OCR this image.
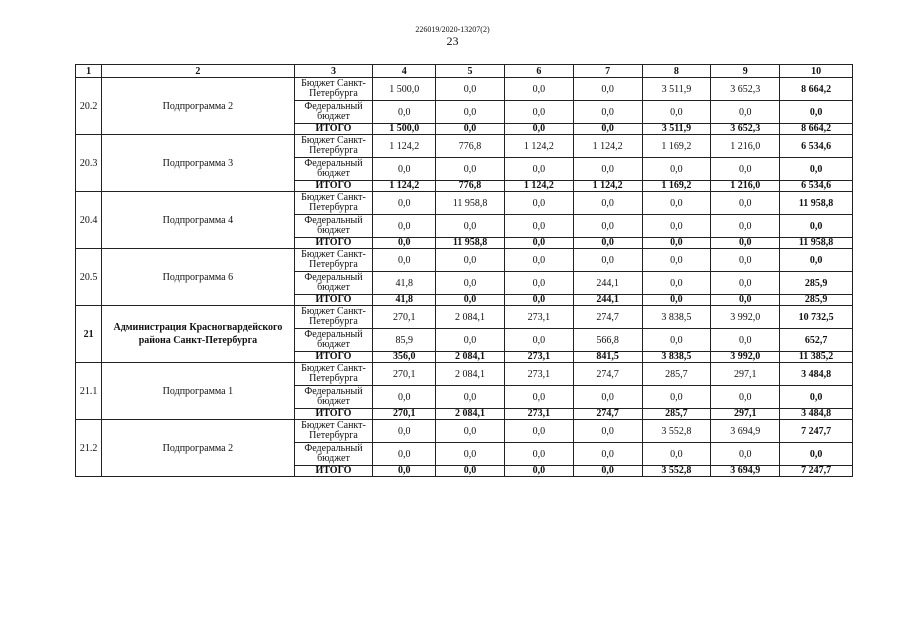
226019/2020-13207(2)
23
1	2	3	4	5	6	7	8	9	10
20.2	Подпрограмма 2	Бюджет Санкт-Петербурга	1 500,0	0,0	0,0	0,0	3 511,9	3 652,3	8 664,2
		Федеральный бюджет	0,0	0,0	0,0	0,0	0,0	0,0	0,0
		ИТОГО	1 500,0	0,0	0,0	0,0	3 511,9	3 652,3	8 664,2
20.3	Подпрограмма 3	Бюджет Санкт-Петербурга	1 124,2	776,8	1 124,2	1 124,2	1 169,2	1 216,0	6 534,6
		Федеральный бюджет	0,0	0,0	0,0	0,0	0,0	0,0	0,0
		ИТОГО	1 124,2	776,8	1 124,2	1 124,2	1 169,2	1 216,0	6 534,6
20.4	Подпрограмма 4	Бюджет Санкт-Петербурга	0,0	11 958,8	0,0	0,0	0,0	0,0	11 958,8
		Федеральный бюджет	0,0	0,0	0,0	0,0	0,0	0,0	0,0
		ИТОГО	0,0	11 958,8	0,0	0,0	0,0	0,0	11 958,8
20.5	Подпрограмма 6	Бюджет Санкт-Петербурга	0,0	0,0	0,0	0,0	0,0	0,0	0,0
		Федеральный бюджет	41,8	0,0	0,0	244,1	0,0	0,0	285,9
		ИТОГО	41,8	0,0	0,0	244,1	0,0	0,0	285,9
21	Администрация Красногвардейского района Санкт-Петербурга	Бюджет Санкт-Петербурга	270,1	2 084,1	273,1	274,7	3 838,5	3 992,0	10 732,5
		Федеральный бюджет	85,9	0,0	0,0	566,8	0,0	0,0	652,7
		ИТОГО	356,0	2 084,1	273,1	841,5	3 838,5	3 992,0	11 385,2
21.1	Подпрограмма 1	Бюджет Санкт-Петербурга	270,1	2 084,1	273,1	274,7	285,7	297,1	3 484,8
		Федеральный бюджет	0,0	0,0	0,0	0,0	0,0	0,0	0,0
		ИТОГО	270,1	2 084,1	273,1	274,7	285,7	297,1	3 484,8
21.2	Подпрограмма 2	Бюджет Санкт-Петербурга	0,0	0,0	0,0	0,0	3 552,8	3 694,9	7 247,7
		Федеральный бюджет	0,0	0,0	0,0	0,0	0,0	0,0	0,0
		ИТОГО	0,0	0,0	0,0	0,0	3 552,8	3 694,9	7 247,7
